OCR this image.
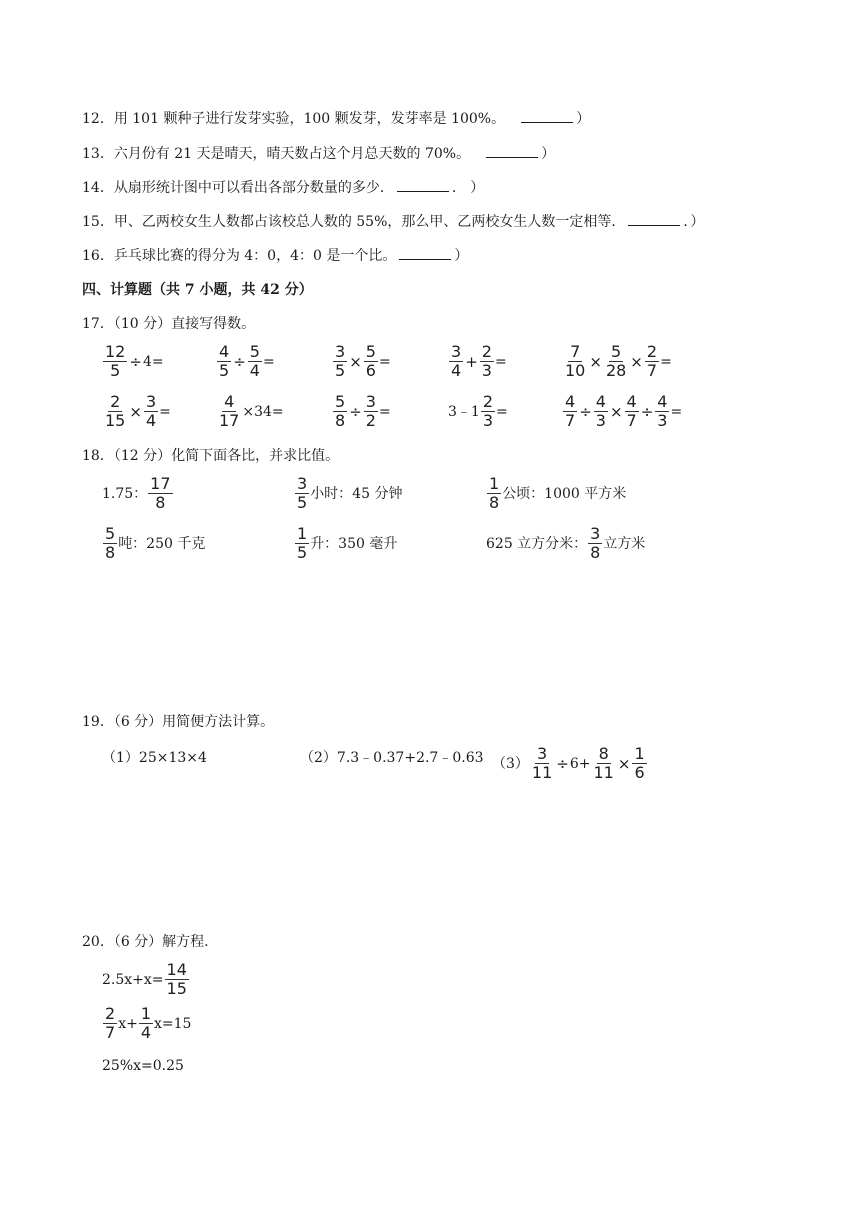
12．用 101 颗种子进行发芽实验，100 颗发芽，发芽率是 100%。	）
13．六月份有 21 天是晴天，晴天数占这个月总天数的 70%。	）
14．从扇形统计图中可以看出各部分数量的多少．	． ）
15．甲、乙两校女生人数都占该校总人数的 55%，那么甲、乙两校女生人数一定相等．	．）
16．乒乓球比赛的得分为 4：0，4：0 是一个比。	）
四、计算题（共 7 小题，共 42 分）
17．（10 分）直接写得数。
$\frac{12}{5} \div 4=$	$\frac{4}{5} \div \frac{5}{4}$ =	$\frac{3}{5} \times \frac{5}{6}$ =	$\frac{3}{4} + \frac{2}{3}$ =	$\frac{7}{10} \times \frac{5}{28} \times \frac{2}{7}$ =
$\frac{2}{15} \times \frac{3}{4}$ =	$\frac{4}{17} \times 34=$	$\frac{5}{8} \div \frac{3}{2}$ =	3﹣1 $\frac{2}{3}$ =	$\frac{4}{7} \div \frac{4}{3} \times \frac{4}{7} \div \frac{4}{3}$ =
18．（12 分）化简下面各比，并求比值。
1.75： $\frac{17}{8}$	$\frac{3}{5}$ 小时：45 分钟	$\frac{1}{8}$ 公顷：1000 平方米
$\frac{5}{8}$ 吨：250 千克	$\frac{1}{5}$ 升：350 毫升	625 立方分米： $\frac{3}{8}$ 立方米
19．（6 分）用简便方法计算。
（1）25×13×4	（2）7.3﹣0.37+2.7﹣0.63 $(3) \frac{3}{11} \div 6+ \frac{8}{11} \times \frac{1}{6}$
20．（6 分）解方程.
$2.5x+x= \frac{14}{15}$
$\frac{2}{7} x+ \frac{1}{4} x=15$
25%x=0.25
